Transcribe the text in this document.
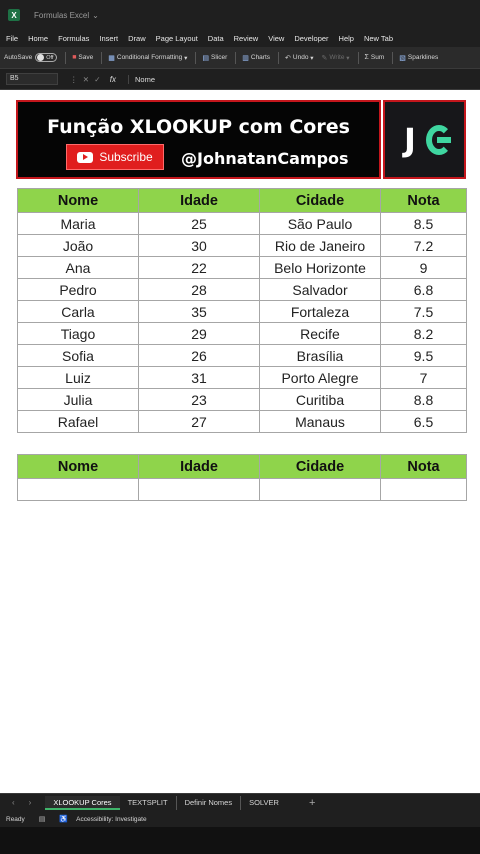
X	Formulas Excel ⌄
File Home Formulas Insert Draw Page Layout Data Review View Developer Help New Tab
AutoSave	Off	■ Save ▦ Conditional Formatting ▾ ▤ Slicer ▥ Charts ↶ Undo ▾ ✎ Write ▾ Σ Sum ▧ Sparklines
B5	⋮ ✕ ✓ fx	Nome
Função XLOOKUP com Cores
Subscribe @JohnatanCampos J
Nome	Idade	Cidade	Nota
Maria	25	São Paulo	8.5
João	30	Rio de Janeiro	7.2
Ana	22	Belo Horizonte	9
Pedro	28	Salvador	6.8
Carla	35	Fortaleza	7.5
Tiago	29	Recife	8.2
Sofia	26	Brasília	9.5
Luiz	31	Porto Alegre	7
Julia	23	Curitiba	8.8
Rafael	27	Manaus	6.5
Nome	Idade	Cidade	Nota

‹ ›	XLOOKUP Cores	TEXTSPLIT	Definir Nomes	SOLVER	+
Ready ▤ ♿ Accessibility: Investigate
